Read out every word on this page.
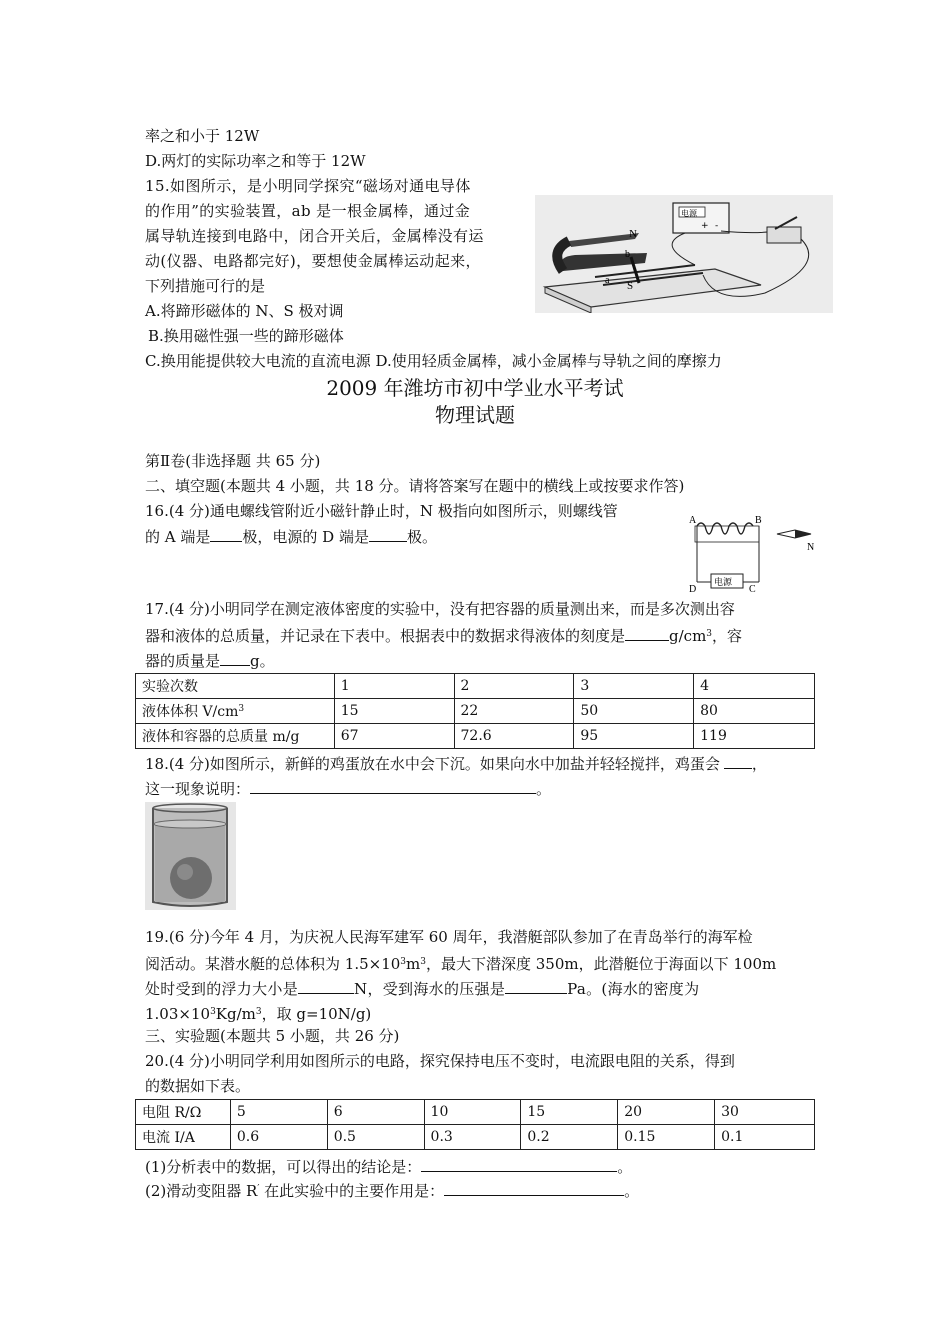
率之和小于 12W
D.两灯的实际功率之和等于 12W
15.如图所示，是小明同学探究“磁场对通电导体
的作用”的实验装置，ab 是一根金属棒，通过金
属导轨连接到电路中，闭合开关后，金属棒没有运
动(仪器、电路都完好)，要想使金属棒运动起来，
下列措施可行的是
A.将蹄形磁体的 N、S 极对调
B.换用磁性强一些的蹄形磁体
C.换用能提供较大电流的直流电源 D.使用轻质金属棒，减小金属棒与导轨之间的摩擦力
N
S
a
b
电源
+ -
2009 年潍坊市初中学业水平考试
物理试题
第Ⅱ卷(非选择题 共 65 分)
二、填空题(本题共 4 小题，共 18 分。请将答案写在题中的横线上或按要求作答)
16.(4 分)通电螺线管附近小磁针静止时，N 极指向如图所示，则螺线管
的 A 端是 极，电源的 D 端是	极。
A	B
电源
D	C
N
17.(4 分)小明同学在测定液体密度的实验中，没有把容器的质量测出来，而是多次测出容
器和液体的总质量，并记录在下表中。根据表中的数据求得液体的刻度是	$g/cm^3$，容
器的质量是 g。
实验次数	1	2	3	4
液体体积 $V/cm^3$	15	22	50	80
液体和容器的总质量 m/g	67	72.6	95	119
18.(4 分)如图所示，新鲜的鸡蛋放在水中会下沉。如果向水中加盐并轻轻搅拌，鸡蛋会 ，
这一现象说明：	。
19.(6 分)今年 4 月，为庆祝人民海军建军 60 周年，我潜艇部队参加了在青岛举行的海军检
阅活动。某潜水艇的总体积为 $1.5\times 10^3m^3$，最大下潜深度 350m，此潜艇位于海面以下 100m
处时受到的浮力大小是	N，受到海水的压强是	Pa。(海水的密度为
$1.03\times 10^3Kg/m^3$，取 g=10N/g)
三、实验题(本题共 5 小题，共 26 分)
20.(4 分)小明同学利用如图所示的电路，探究保持电压不变时，电流跟电阻的关系，得到
的数据如下表。
电阻 R/Ω	5	6	10	15	20	30
电流 I/A	0.6	0.5	0.3	0.2	0.15	0.1
(1)分析表中的数据，可以得出的结论是：	。
(2)滑动变阻器 R′ 在此实验中的主要作用是：	。
